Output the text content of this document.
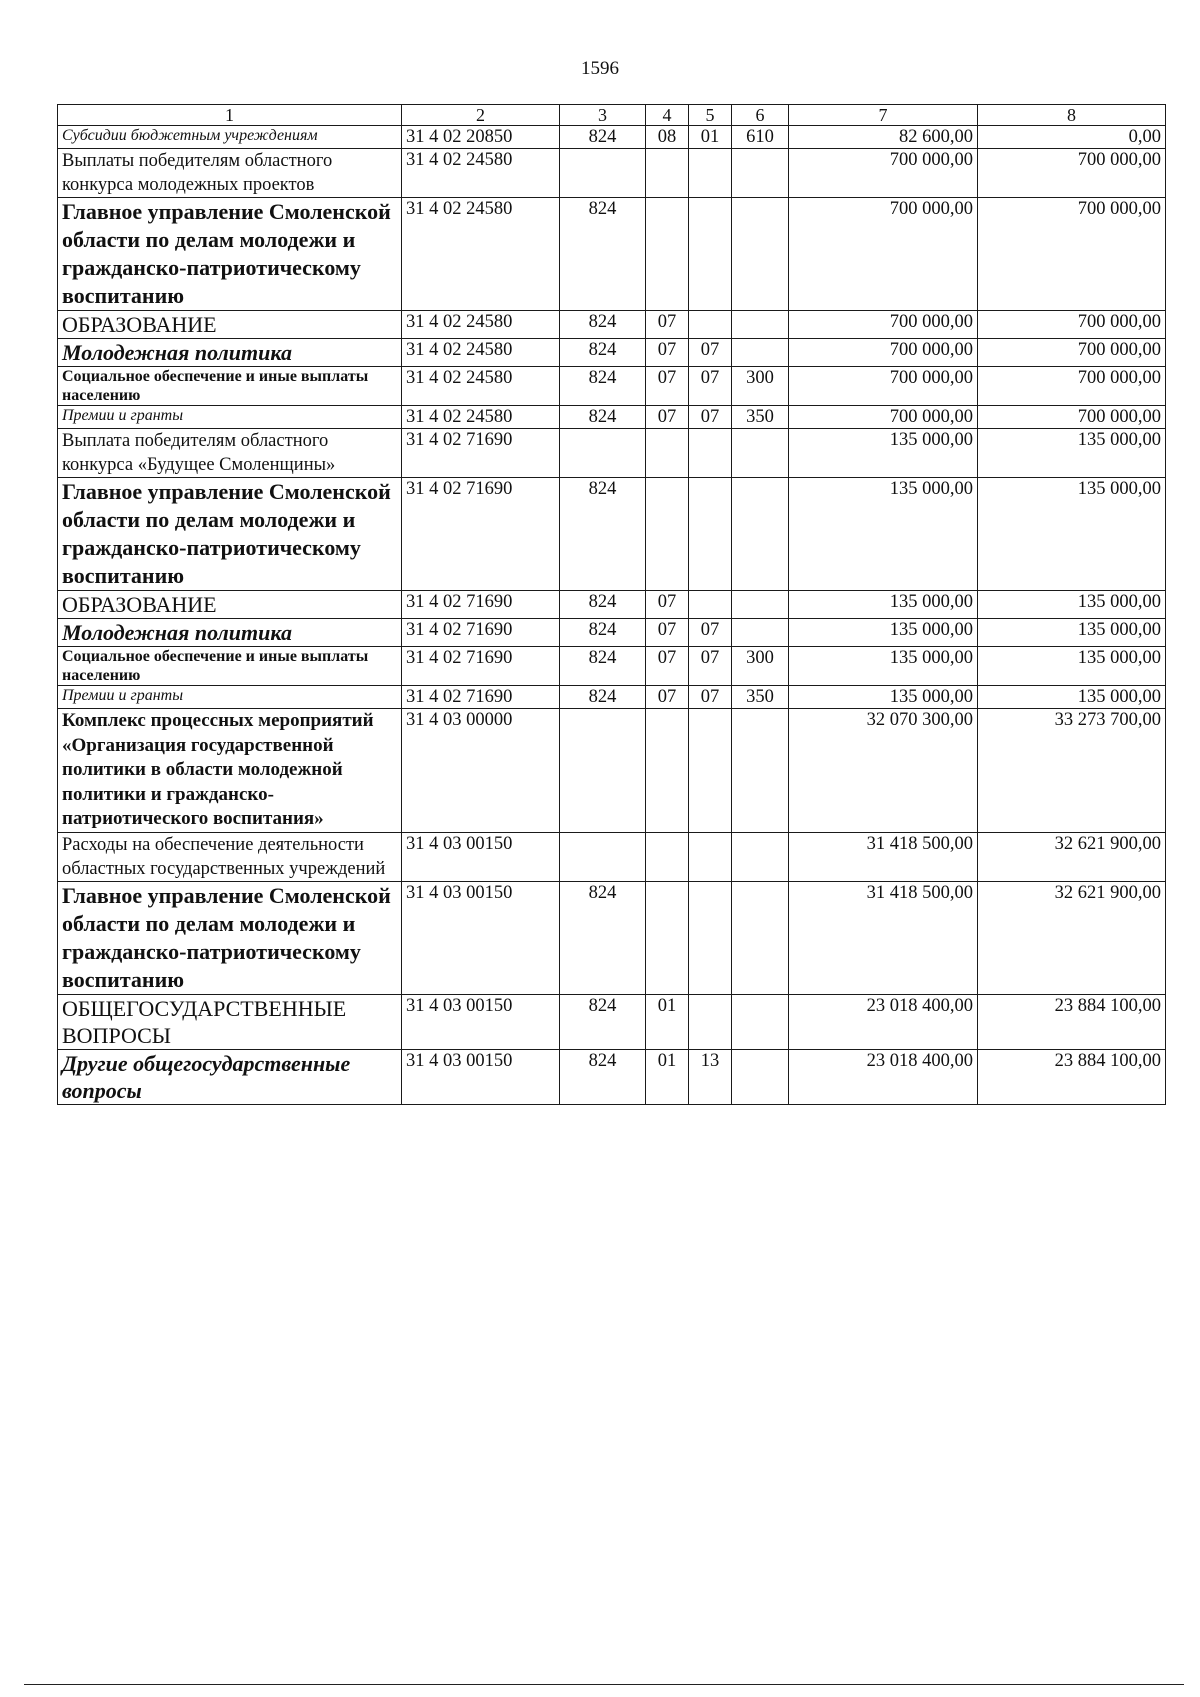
1596
1	2	3	4	5	6	7	8
Субсидии бюджетным учреждениям	31 4 02 20850	824	08	01	610	82 600,00	0,00
Выплаты победителям областного конкурса молодежных проектов	31 4 02 24580					700 000,00	700 000,00
Главное управление Смоленской области по делам молодежи и гражданско-патриотическому воспитанию	31 4 02 24580	824				700 000,00	700 000,00
ОБРАЗОВАНИЕ	31 4 02 24580	824	07			700 000,00	700 000,00
Молодежная политика	31 4 02 24580	824	07	07		700 000,00	700 000,00
Социальное обеспечение и иные выплаты населению	31 4 02 24580	824	07	07	300	700 000,00	700 000,00
Премии и гранты	31 4 02 24580	824	07	07	350	700 000,00	700 000,00
Выплата победителям областного конкурса «Будущее Смоленщины»	31 4 02 71690					135 000,00	135 000,00
Главное управление Смоленской области по делам молодежи и гражданско-патриотическому воспитанию	31 4 02 71690	824				135 000,00	135 000,00
ОБРАЗОВАНИЕ	31 4 02 71690	824	07			135 000,00	135 000,00
Молодежная политика	31 4 02 71690	824	07	07		135 000,00	135 000,00
Социальное обеспечение и иные выплаты населению	31 4 02 71690	824	07	07	300	135 000,00	135 000,00
Премии и гранты	31 4 02 71690	824	07	07	350	135 000,00	135 000,00
Комплекс процессных мероприятий «Организация государственной политики в области молодежной политики и гражданско-патриотического воспитания»	31 4 03 00000					32 070 300,00	33 273 700,00
Расходы на обеспечение деятельности областных государственных учреждений	31 4 03 00150					31 418 500,00	32 621 900,00
Главное управление Смоленской области по делам молодежи и гражданско-патриотическому воспитанию	31 4 03 00150	824				31 418 500,00	32 621 900,00
ОБЩЕГОСУДАРСТВЕННЫЕ ВОПРОСЫ	31 4 03 00150	824	01			23 018 400,00	23 884 100,00
Другие общегосударственные вопросы	31 4 03 00150	824	01	13		23 018 400,00	23 884 100,00
